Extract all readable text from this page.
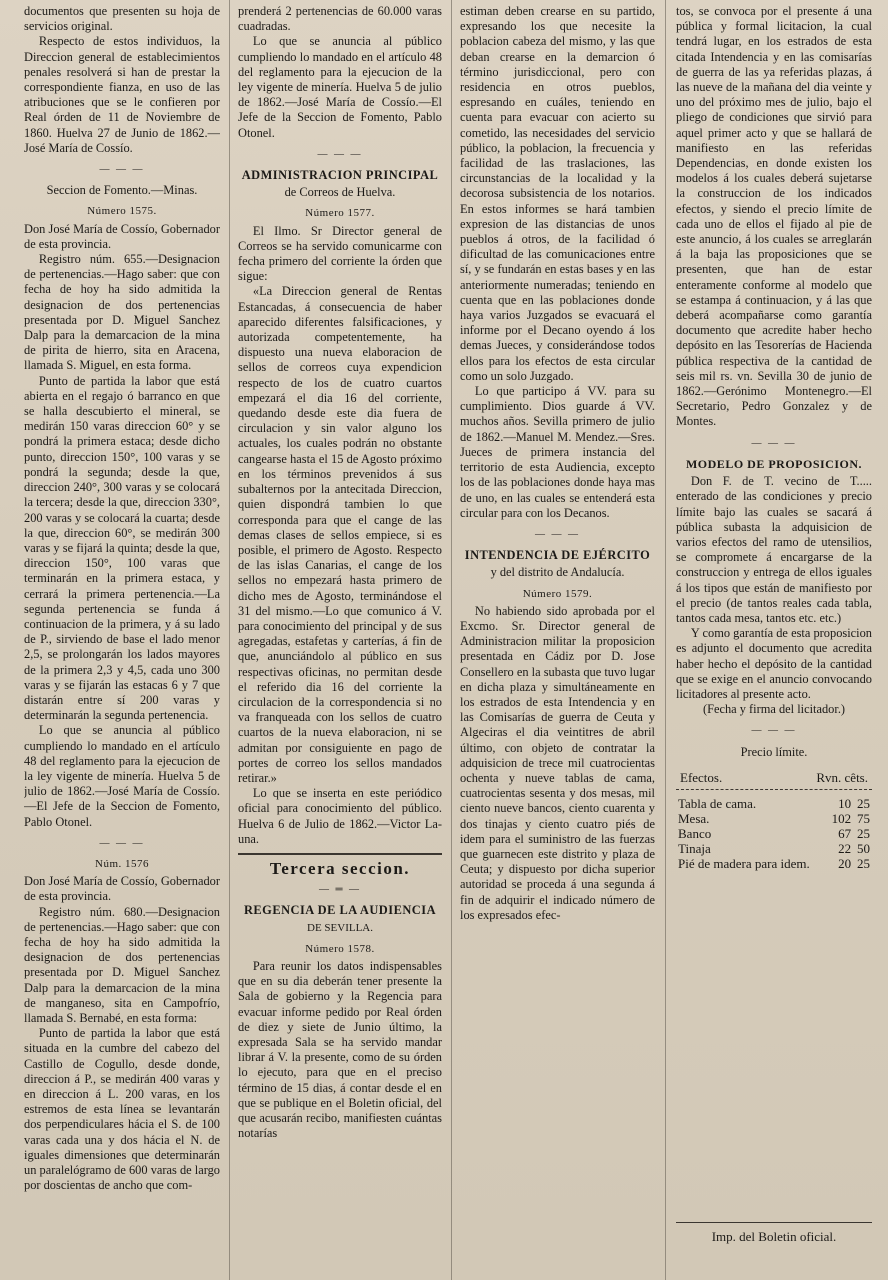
documentos que presenten su hoja de servicios original.

Respecto de estos individuos, la Direccion general de establecimientos penales resolverá si han de prestar la correspondiente fianza, en uso de las atribuciones que se le confieren por Real órden de 11 de Noviembre de 1860. Huelva 27 de Junio de 1862.—José María de Cossío.

— — —

Seccion de Fomento.—Minas.

Número 1575.

Don José María de Cossío, Gobernador de esta provincia.

Registro núm. 655.—Designacion de pertenencias.—Hago saber: que con fecha de hoy ha sido admitida la designacion de dos pertenencias presentada por D. Miguel Sanchez Dalp para la demarcacion de la mina de pirita de hierro, sita en Aracena, llamada S. Miguel, en esta forma.

Punto de partida la labor que está abierta en el regajo ó barranco en que se halla descubierto el mineral, se medirán 150 varas direccion 60° y se pondrá la primera estaca; desde dicho punto, direccion 150°, 100 varas y se pondrá la segunda; desde la que, direccion 240°, 300 varas y se colocará la tercera; desde la que, direccion 330°, 200 varas y se colocará la cuarta; desde la que, direccion 60°, se medirán 300 varas y se fijará la quinta; desde la que, direccion 150°, 100 varas que terminarán en la primera estaca, y cerrará la primera pertenencia.—La segunda pertenencia se funda á continuacion de la primera, y á su lado de P., sirviendo de base el lado menor 2,5, se prolongarán los lados mayores de la primera 2,3 y 4,5, cada uno 300 varas y se fijarán las estacas 6 y 7 que distarán entre sí 200 varas y determinarán la segunda pertenencia.

Lo que se anuncia al público cumpliendo lo mandado en el artículo 48 del reglamento para la ejecucion de la ley vigente de minería. Huelva 5 de julio de 1862.—José María de Cossío.—El Jefe de la Seccion de Fomento, Pablo Otonel.

— — —
Núm. 1576

Don José María de Cossío, Gobernador de esta provincia.

Registro núm. 680.—Designacion de pertenencias.—Hago saber: que con fecha de hoy ha sido admitida la designacion de dos pertenencias presentada por D. Miguel Sanchez Dalp para la demarcacion de la mina de manganeso, sita en Campofrío, llamada S. Bernabé, en esta forma:

Punto de partida la labor que está situada en la cumbre del cabezo del Castillo de Cogullo, desde donde, direccion á P., se medirán 400 varas y en direccion á L. 200 varas, en los estremos de esta línea se levantarán dos perpendiculares hácia el S. de 100 varas cada una y dos hácia el N. de iguales dimensiones que determinarán un paralelógramo de 600 varas de largo por doscientas de ancho que com-

prenderá 2 pertenencias de 60.000 varas cuadradas.

Lo que se anuncia al público cumpliendo lo mandado en el artículo 48 del reglamento para la ejecucion de la ley vigente de minería. Huelva 5 de julio de 1862.—José María de Cossío.—El Jefe de la Seccion de Fomento, Pablo Otonel.

— — —
ADMINISTRACION PRINCIPAL
de Correos de Huelva.
Número 1577.

El Ilmo. Sr Director general de Correos se ha servido comunicarme con fecha primero del corriente la órden que sigue:

«La Direccion general de Rentas Estancadas, á consecuencia de haber aparecido diferentes falsificaciones, y autorizada competentemente, ha dispuesto una nueva elaboracion de sellos de correos cuya expendicion respecto de los de cuatro cuartos empezará el dia 16 del corriente, quedando desde este dia fuera de circulacion y sin valor alguno los actuales, los cuales podrán no obstante cangearse hasta el 15 de Agosto próximo en los términos prevenidos á sus subalternos por la antecitada Direccion, quien dispondrá tambien lo que corresponda para que el cange de las demas clases de sellos empiece, si es posible, el primero de Agosto. Respecto de las islas Canarias, el cange de los sellos no empezará hasta primero de dicho mes de Agosto, terminándose el 31 del mismo.—Lo que comunico á V. para conocimiento del principal y de sus agregadas, estafetas y carterías, á fin de que, anunciándolo al público en sus respectivas oficinas, no permitan desde el referido dia 16 del corriente la circulacion de la correspondencia si no va franqueada con los sellos de cuatro cuartos de la nueva elaboracion, ni se admitan por consiguiente en pago de portes de correo los sellos mandados retirar.»

Lo que se inserta en este periódico oficial para conocimiento del público. Huelva 6 de Julio de 1862.—Victor La-una.

Tercera seccion.
— ═ —
REGENCIA DE LA AUDIENCIA
DE SEVILLA.
Número 1578.

Para reunir los datos indispensables que en su dia deberán tener presente la Sala de gobierno y la Regencia para evacuar informe pedido por Real órden de diez y siete de Junio último, la expresada Sala se ha servido mandar librar á V. la presente, como de su órden lo ejecuto, para que en el preciso término de 15 dias, á contar desde el en que se publique en el Boletin oficial, del que acusarán recibo, manifiesten cuántas notarías

estiman deben crearse en su partido, expresando los que necesite la poblacion cabeza del mismo, y las que deban crearse en la demarcion ó término jurisdiccional, pero con residencia en otros pueblos, espresando en cuáles, teniendo en cuenta para evacuar con acierto su cometido, las necesidades del servicio público, la poblacion, la frecuencia y facilidad de las traslaciones, las circunstancias de la localidad y la decorosa subsistencia de los notarios. En estos informes se hará tambien expresion de las distancias de unos pueblos á otros, de la facilidad ó dificultad de las comunicaciones entre sí, y se fundarán en estas bases y en las anteriormente numeradas; teniendo en cuenta que en las poblaciones donde haya varios Juzgados se evacuará el informe por el Decano oyendo á los demas Jueces, y considerándose todos ellos para los efectos de esta circular como un solo Juzgado.

Lo que participo á VV. para su cumplimiento. Dios guarde á VV. muchos años. Sevilla primero de julio de 1862.—Manuel M. Mendez.—Sres. Jueces de primera instancia del territorio de esta Audiencia, excepto los de las poblaciones donde haya mas de uno, en las cuales se entenderá esta circular para con los Decanos.

— — —
INTENDENCIA DE EJÉRCITO
y del distrito de Andalucía.
Número 1579.

No habiendo sido aprobada por el Excmo. Sr. Director general de Administracion militar la proposicion presentada en Cádiz por D. Jose Consellero en la subasta que tuvo lugar en dicha plaza y simultáneamente en los estrados de esta Intendencia y en las Comisarías de guerra de Ceuta y Algeciras el dia veintitres de abril último, con objeto de contratar la adquisicion de trece mil cuatrocientas ochenta y nueve tablas de cama, cuatrocientas sesenta y dos mesas, mil ciento nueve bancos, ciento cuarenta y dos tinajas y ciento cuatro piés de idem para el suministro de las fuerzas que guarnecen este distrito y plaza de Ceuta; y dispuesto por dicha superior autoridad se proceda á una segunda á fin de adquirir el indicado número de los expresados efec-

tos, se convoca por el presente á una pública y formal licitacion, la cual tendrá lugar, en los estrados de esta citada Intendencia y en las comisarías de guerra de las ya referidas plazas, á las nueve de la mañana del dia veinte y uno del próximo mes de julio, bajo el pliego de condiciones que sirvió para aquel primer acto y que se hallará de manifiesto en las referidas Dependencias, en donde existen los modelos á los cuales deberá sujetarse la construccion de los indicados efectos, y siendo el precio límite de cada uno de ellos el fijado al pie de este anuncio, á los cuales se arreglarán á la baja las proposiciones que se presenten, que han de estar enteramente conforme al modelo que se estampa á continuacion, y á las que deberá acompañarse como garantía documento que acredite haber hecho depósito en las Tesorerías de Hacienda pública respectiva de la cantidad de seis mil rs. vn. Sevilla 30 de junio de 1862.—Gerónimo Montenegro.—El Secretario, Pedro Gonzalez y de Montes.

— — —
MODELO DE PROPOSICION.

Don F. de T. vecino de T..... enterado de las condiciones y precio límite bajo las cuales se sacará á pública subasta la adquisicion de varios efectos del ramo de utensilios, se compromete á encargarse de la construccion y entrega de ellos iguales á los tipos que están de manifiesto por el precio (de tantos reales cada tabla, tantos cada mesa, tantos etc. etc.)

Y como garantía de esta proposicion es adjunto el documento que acredita haber hecho el depósito de la cantidad que se exige en el anuncio convocando licitadores al presente acto.

(Fecha y firma del licitador.)

— — —

Precio límite.

Efectos.	Rvn. cêts.
Tabla de cama.	10	25
Mesa.	102	75
Banco	67	25
Tinaja	22	50
Pié de madera para idem.	20	25
Imp. del Boletin oficial.
